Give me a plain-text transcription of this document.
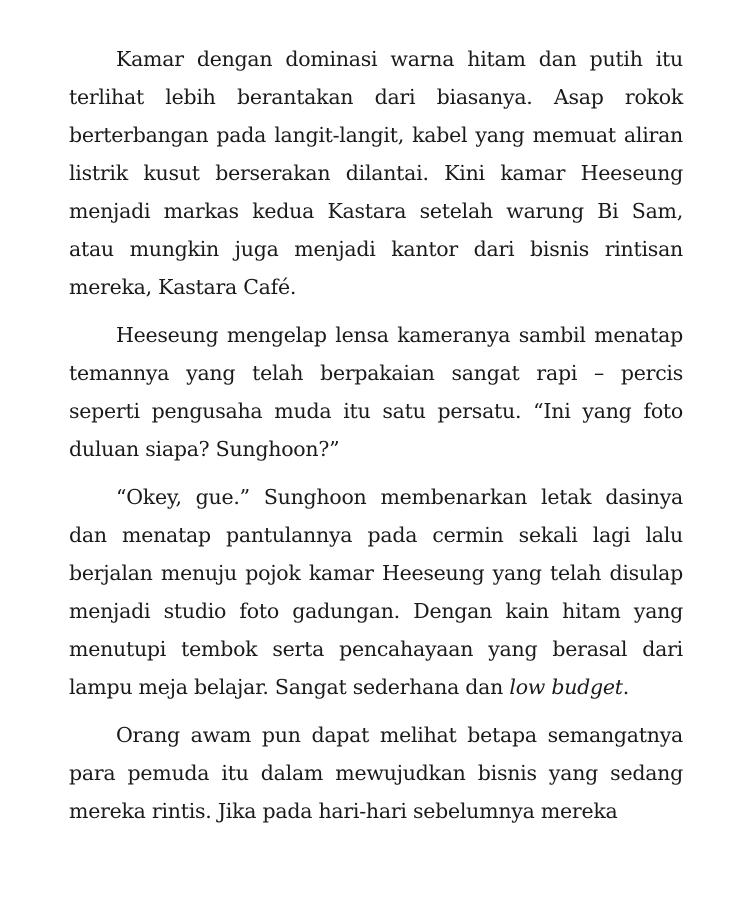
Kamar dengan dominasi warna hitam dan putih itu terlihat lebih berantakan dari biasanya. Asap rokok berterbangan pada langit-langit, kabel yang memuat aliran listrik kusut berserakan dilantai. Kini kamar Heeseung menjadi markas kedua Kastara setelah warung Bi Sam, atau mungkin juga menjadi kantor dari bisnis rintisan mereka, Kastara Café.

Heeseung mengelap lensa kameranya sambil menatap temannya yang telah berpakaian sangat rapi – percis seperti pengusaha muda itu satu persatu. “Ini yang foto duluan siapa? Sunghoon?”

“Okey, gue.” Sunghoon membenarkan letak dasinya dan menatap pantulannya pada cermin sekali lagi lalu berjalan menuju pojok kamar Heeseung yang telah disulap menjadi studio foto gadungan. Dengan kain hitam yang menutupi tembok serta pencahayaan yang berasal dari lampu meja belajar. Sangat sederhana dan low budget.

Orang awam pun dapat melihat betapa semangatnya para pemuda itu dalam mewujudkan bisnis yang sedang mereka rintis. Jika pada hari-hari sebelumnya mereka
